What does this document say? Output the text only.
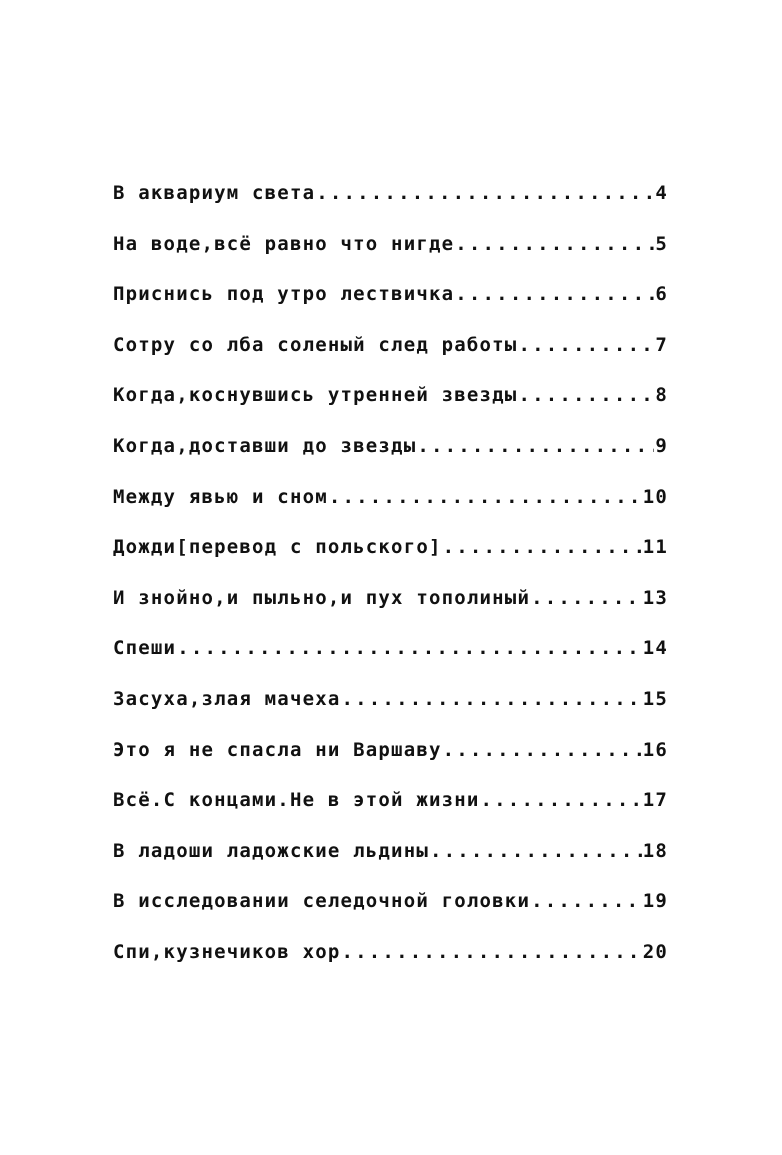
В аквариум света .....	4
На воде,всё равно что нигде .....	5
Приснись под утро лествичка .....	6
Сотру со лба соленый след работы .....	7
Когда,коснувшись утренней звезды .....	8
Когда,доставши до звезды .....	9
Между явью и сном .....	10
Дожди[перевод с польского] .....	11
И знойно,и пыльно,и пух тополиный .....	13
Спеши .....	14
Засуха,злая мачеха .....	15
Это я не спасла ни Варшаву .....	16
Всё.С концами.Не в этой жизни .....	17
В ладоши ладожские льдины .....	18
В исследовании селедочной головки .....	19
Спи,кузнечиков хор .....	20
